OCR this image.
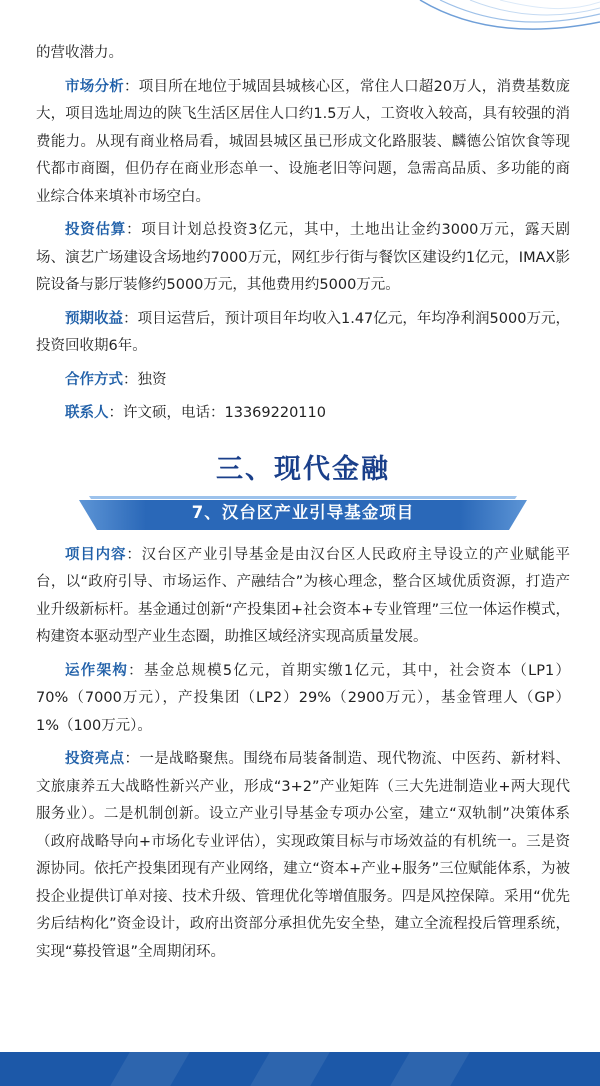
的营收潜力。

市场分析：项目所在地位于城固县城核心区，常住人口超20万人，消费基数庞大，项目选址周边的陕飞生活区居住人口约1.5万人，工资收入较高，具有较强的消费能力。从现有商业格局看，城固县城区虽已形成文化路服装、麟德公馆饮食等现代都市商圈，但仍存在商业形态单一、设施老旧等问题，急需高品质、多功能的商业综合体来填补市场空白。

投资估算：项目计划总投资3亿元，其中，土地出让金约3000万元，露天剧场、演艺广场建设含场地约7000万元，网红步行街与餐饮区建设约1亿元，IMAX影院设备与影厅装修约5000万元，其他费用约5000万元。

预期收益：项目运营后，预计项目年均收入1.47亿元，年均净利润5000万元，投资回收期6年。

合作方式：独资

联系人：许文硕，电话：13369220110

三、现代金融
7、汉台区产业引导基金项目

项目内容：汉台区产业引导基金是由汉台区人民政府主导设立的产业赋能平台，以“政府引导、市场运作、产融结合”为核心理念，整合区域优质资源，打造产业升级新标杆。基金通过创新“产投集团+社会资本+专业管理”三位一体运作模式，构建资本驱动型产业生态圈，助推区域经济实现高质量发展。

运作架构：基金总规模5亿元，首期实缴1亿元，其中，社会资本（LP1）70%（7000万元），产投集团（LP2）29%（2900万元），基金管理人（GP）1%（100万元）。

投资亮点：一是战略聚焦。围绕布局装备制造、现代物流、中医药、新材料、文旅康养五大战略性新兴产业，形成“3+2”产业矩阵（三大先进制造业+两大现代服务业）。二是机制创新。设立产业引导基金专项办公室，建立“双轨制”决策体系（政府战略导向+市场化专业评估），实现政策目标与市场效益的有机统一。三是资源协同。依托产投集团现有产业网络，建立“资本+产业+服务”三位赋能体系，为被投企业提供订单对接、技术升级、管理优化等增值服务。四是风控保障。采用“优先劣后结构化”资金设计，政府出资部分承担优先安全垫，建立全流程投后管理系统，实现“募投管退”全周期闭环。
